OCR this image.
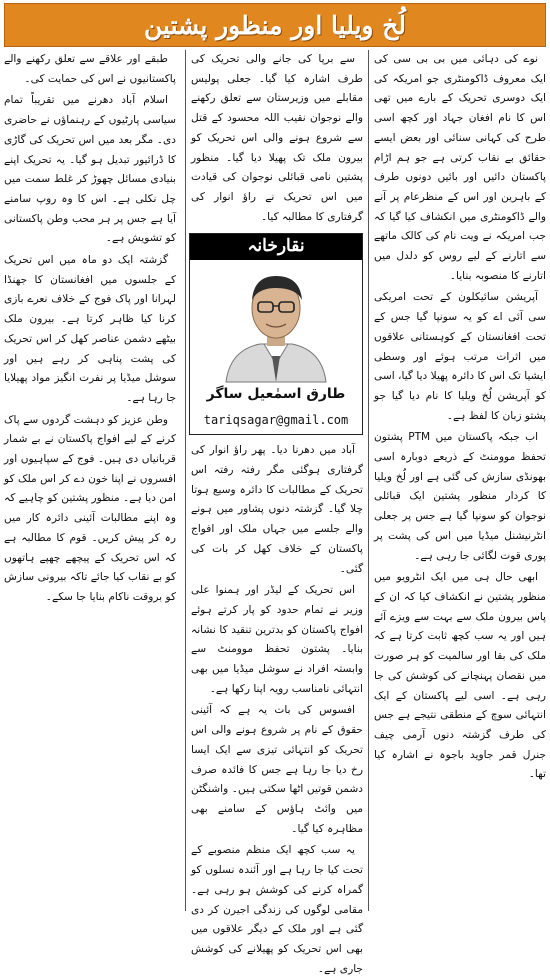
لُخ ویلیا اور منظور پشتین

نوے کی دہائی میں بی بی سی کی ایک معروف ڈاکومنٹری جو امریکہ کی ایک دوسری تحریک کے بارے میں تھی اس کا نام افغان جہاد اور کچھ اسی طرح کی کہانی سنائی اور بعض ایسے حقائق بے نقاب کرتی ہے جو ہم اڑام پاکستان دائیں اور بائیں دونوں طرف کے باہرین اور اس کے منظرعام پر آنے والے ڈاکومنٹری میں انکشاف کیا گیا کہ جب امریکہ نے ویت نام کی کالک ماتھے سے اتارنے کے لیے روس کو دلدل میں اتارنے کا منصوبہ بنایا۔

آپریشن سائیکلون کے تحت امریکی سی آئی اے کو یہ سونپا گیا جس کے تحت افغانستان کے کوہستانی علاقوں میں اثرات مرتب ہوئے اور وسطی ایشیا تک اس کا دائرہ پھیلا دیا گیا، اسی کو آپریشن لُخ ویلیا کا نام دیا گیا جو پشتو زبان کا لفظ ہے۔

اب جبکہ پاکستان میں PTM پشتون تحفظ موومنٹ کے ذریعے دوبارہ اسی بھونڈی سازش کی گئی ہے اور لُخ ویلیا کا کردار منظور پشتین ایک قبائلی نوجوان کو سونپا گیا ہے جس پر جعلی انٹرنیشنل میڈیا میں اس کی پشت پر پوری قوت لگائی جا رہی ہے۔

ابھی حال ہی میں ایک انٹرویو میں منظور پشتین نے انکشاف کیا کہ ان کے پاس بیرون ملک سے بہت سے ویزے آئے ہیں اور یہ سب کچھ ثابت کرتا ہے کہ ملک کی بقا اور سالمیت کو ہر صورت میں نقصان پہنچانے کی کوشش کی جا رہی ہے۔ اسی لیے پاکستان کے ایک انتہائی سوچ کے منطقی نتیجے ہے جس کی طرف گزشتہ دنوں آرمی چیف جنرل قمر جاوید باجوہ نے اشارہ کیا تھا۔

سے برپا کی جانے والی تحریک کی طرف اشارہ کیا گیا۔ جعلی پولیس مقابلے میں وزیرستان سے تعلق رکھنے والے نوجوان نقیب اللہ محسود کے قتل سے شروع ہونے والی اس تحریک کو بیرون ملک تک پھیلا دیا گیا۔ منظور پشتین نامی قبائلی نوجوان کی قیادت میں اس تحریک نے راؤ انوار کی گرفتاری کا مطالبہ کیا۔

نقارخانہ
طارق اسمٰعیل ساگر
tariqsagar@gmail.com

آباد میں دھرنا دیا۔ پھر راؤ انوار کی گرفتاری ہوگئی مگر رفتہ رفتہ اس تحریک کے مطالبات کا دائرہ وسیع ہوتا چلا گیا۔ گزشتہ دنوں پشاور میں ہونے والے جلسے میں جہاں ملک اور افواج پاکستان کے خلاف کھل کر بات کی گئی۔

اس تحریک کے لیڈر اور ہمنوا علی وزیر نے تمام حدود کو پار کرتے ہوئے افواج پاکستان کو بدترین تنقید کا نشانہ بنایا۔ پشتون تحفظ موومنٹ سے وابستہ افراد نے سوشل میڈیا میں بھی انتہائی نامناسب رویہ اپنا رکھا ہے۔

افسوس کی بات یہ ہے کہ آئینی حقوق کے نام پر شروع ہونے والی اس تحریک کو انتہائی تیزی سے ایک ایسا رخ دیا جا رہا ہے جس کا فائدہ صرف دشمن قوتیں اٹھا سکتی ہیں۔ واشنگٹن میں وائٹ ہاؤس کے سامنے بھی مظاہرہ کیا گیا۔

یہ سب کچھ ایک منظم منصوبے کے تحت کیا جا رہا ہے اور آئندہ نسلوں کو گمراہ کرنے کی کوشش ہو رہی ہے۔ مقامی لوگوں کی زندگی اجیرن کر دی گئی ہے اور ملک کے دیگر علاقوں میں بھی اس تحریک کو پھیلانے کی کوشش جاری ہے۔

طبقے اور علاقے سے تعلق رکھنے والے پاکستانیوں نے اس کی حمایت کی۔

اسلام آباد دھرنے میں تقریباً تمام سیاسی پارٹیوں کے رہنماؤں نے حاضری دی۔ مگر بعد میں اس تحریک کی گاڑی کا ڈرائیور تبدیل ہو گیا۔ یہ تحریک اپنے بنیادی مسائل چھوڑ کر غلط سمت میں چل نکلی ہے۔ اس کا وہ روپ سامنے آیا ہے جس پر ہر محب وطن پاکستانی کو تشویش ہے۔

گزشتہ ایک دو ماہ میں اس تحریک کے جلسوں میں افغانستان کا جھنڈا لہرانا اور پاک فوج کے خلاف نعرے بازی کرنا کیا ظاہر کرتا ہے۔ بیرون ملک بیٹھے دشمن عناصر کھل کر اس تحریک کی پشت پناہی کر رہے ہیں اور سوشل میڈیا پر نفرت انگیز مواد پھیلایا جا رہا ہے۔

وطن عزیز کو دہشت گردوں سے پاک کرنے کے لیے افواج پاکستان نے بے شمار قربانیاں دی ہیں۔ فوج کے سپاہیوں اور افسروں نے اپنا خون دے کر اس ملک کو امن دیا ہے۔ منظور پشتین کو چاہیے کہ وہ اپنے مطالبات آئینی دائرہ کار میں رہ کر پیش کریں۔ قوم کا مطالبہ ہے کہ اس تحریک کے پیچھے چھپے ہاتھوں کو بے نقاب کیا جائے تاکہ بیرونی سازش کو بروقت ناکام بنایا جا سکے۔
